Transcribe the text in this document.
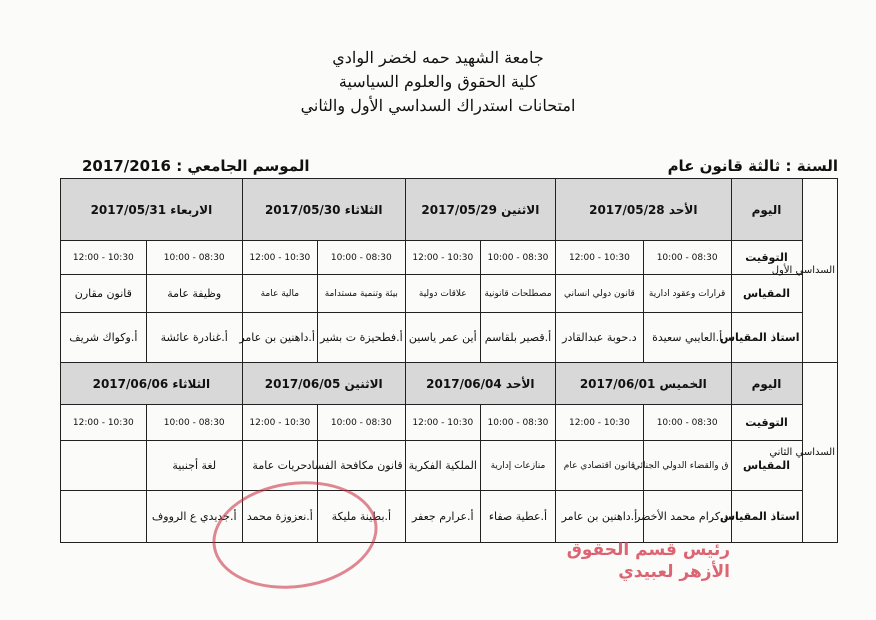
جامعة الشهيد حمه لخضر الوادي
كلية الحقوق والعلوم السياسية
امتحانات استدراك السداسي الأول والثاني
السنة : ثالثة قانون عام
الموسم الجامعي : 2017/2016
السداسي الأول	اليوم	الأحد 2017/05/28		الاثنين 2017/05/29		الثلاثاء 2017/05/30		الاربعاء 2017/05/31	
	التوقيت	08:30 - 10:00	10:30 - 12:00	08:30 - 10:00	10:30 - 12:00	08:30 - 10:00	10:30 - 12:00	08:30 - 10:00	10:30 - 12:00
	المقياس	قرارات وعقود ادارية	قانون دولي انساني	مصطلحات قانونية	علاقات دولية	بيئة وتنمية مستدامة	مالية عامة	وظيفة عامة	قانون مقارن
	استاذ المقياس	أ.العايبي سعيدة	د.حوبة عبدالقادر	أ.قصير بلقاسم	أين عمر ياسين	أ.فطحيزة ت بشير	أ.داهنين بن عامر	أ.غنادرة عائشة	أ.وكواك شريف
السداسي الثاني	اليوم	الخميس 2017/06/01		الأحد 2017/06/04		الاثنين 2017/06/05		الثلاثاء 2017/06/06	
	التوقيت	08:30 - 10:00	10:30 - 12:00	08:30 - 10:00	10:30 - 12:00	08:30 - 10:00	10:30 - 12:00	08:30 - 10:00	10:30 - 12:00
	المقياس	ق والقضاء الدولي الجنائي	قانون اقتصادي عام	منازعات إدارية	الملكية الفكرية	قانون مكافحة الفساد	حريات عامة	لغة أجنبية	
	استاذ المقياس	د.كرام محمد الأخضر	أ.داهنين بن عامر	أ.عطية صفاء	أ.عرارم جعفر	أ.بطينة مليكة	أ.نعزوزة محمد	أ.جديدي ع الرووف	
رئيس قسم الحقوق
الأزهر لعبيدي
